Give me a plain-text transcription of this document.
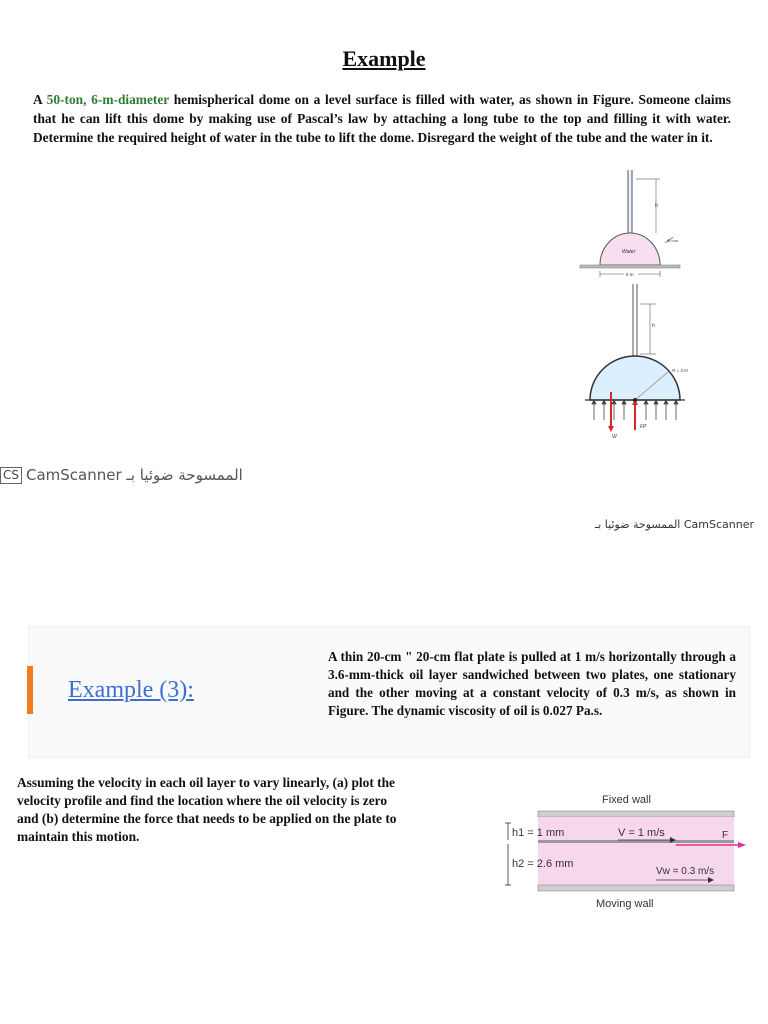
Example
A 50-ton, 6-m-diameter hemispherical dome on a level surface is filled with water, as shown in Figure. Someone claims that he can lift this dome by making use of Pascal’s law by attaching a long tube to the top and filling it with water. Determine the required height of water in the tube to lift the dome. Disregard the weight of the tube and the water in it.
h
Water
50 ton
6 m
h
R = 3 m
FP
W
CS CamScanner الممسوحة ضوئيا بـ
الممسوحة ضوئيا بـ CamScanner
Example (3):
A thin 20-cm " 20-cm flat plate is pulled at 1 m/s horizontally through a 3.6-mm-thick oil layer sandwiched between two plates, one stationary and the other moving at a constant velocity of 0.3 m/s, as shown in Figure. The dynamic viscosity of oil is 0.027 Pa.s.
Assuming the velocity in each oil layer to vary linearly, (a) plot the velocity profile and find the location where the oil velocity is zero and (b) determine the force that needs to be applied on the plate to maintain this motion.
Fixed wall
h1 = 1 mm
h2 = 2.6 mm
V = 1 m/s	F
Vw = 0.3 m/s
Moving wall
